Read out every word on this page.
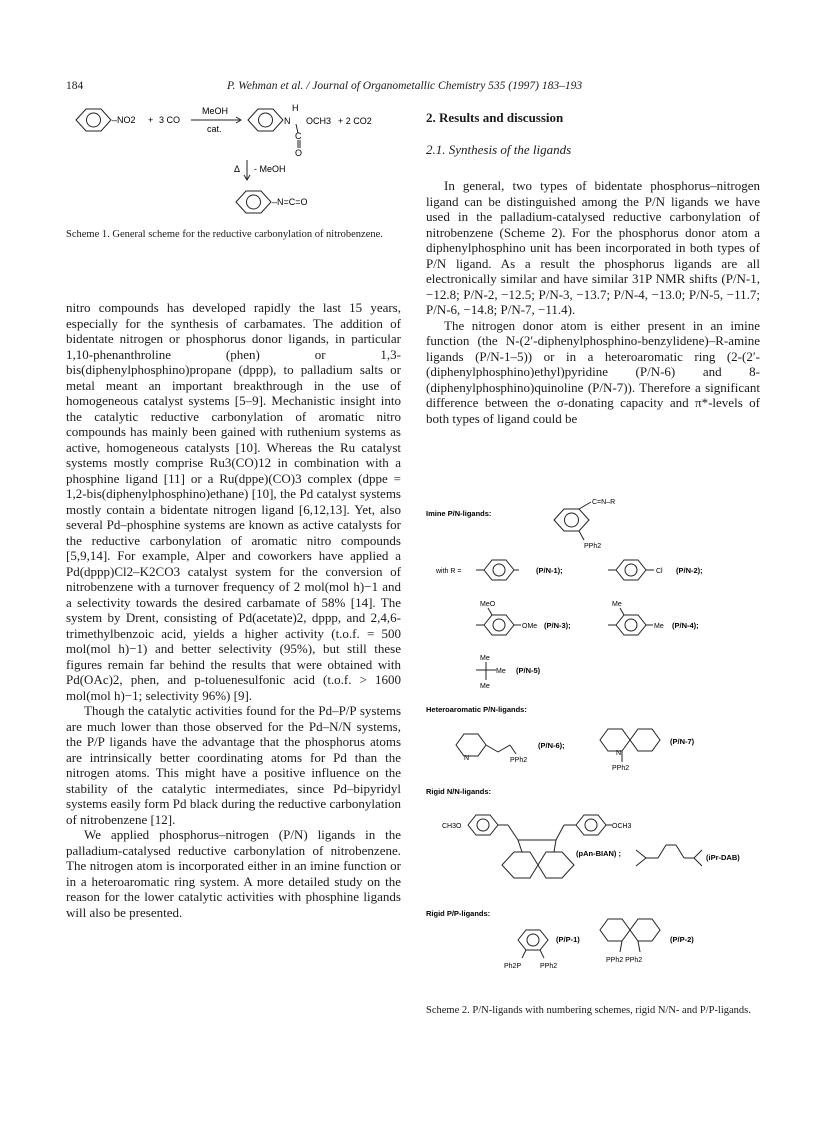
184	P. Wehman et al. / Journal of Organometallic Chemistry 535 (1997) 183–193
–NO2 + 3 CO
MeOH
cat.
H
N OCH3
C
O
+ 2 CO2
Δ - MeOH
–N=C=O
Scheme 1. General scheme for the reductive carbonylation of nitrobenzene.

nitro compounds has developed rapidly the last 15 years, especially for the synthesis of carbamates. The addition of bidentate nitrogen or phosphorus donor ligands, in particular 1,10-phenanthroline (phen) or 1,3-bis(diphenylphosphino)propane (dppp), to palladium salts or metal meant an important breakthrough in the use of homogeneous catalyst systems [5–9]. Mechanistic insight into the catalytic reductive carbonylation of aromatic nitro compounds has mainly been gained with ruthenium systems as active, homogeneous catalysts [10]. Whereas the Ru catalyst systems mostly comprise Ru3(CO)12 in combination with a phosphine ligand [11] or a Ru(dppe)(CO)3 complex (dppe = 1,2-bis(diphenylphosphino)ethane) [10], the Pd catalyst systems mostly contain a bidentate nitrogen ligand [6,12,13]. Yet, also several Pd–phosphine systems are known as active catalysts for the reductive carbonylation of aromatic nitro compounds [5,9,14]. For example, Alper and coworkers have applied a Pd(dppp)Cl2–K2CO3 catalyst system for the conversion of nitrobenzene with a turnover frequency of 2 mol(mol h)−1 and a selectivity towards the desired carbamate of 58% [14]. The system by Drent, consisting of Pd(acetate)2, dppp, and 2,4,6-trimethylbenzoic acid, yields a higher activity (t.o.f. = 500 mol(mol h)−1) and better selectivity (95%), but still these figures remain far behind the results that were obtained with Pd(OAc)2, phen, and p-toluenesulfonic acid (t.o.f. > 1600 mol(mol h)−1; selectivity 96%) [9].

Though the catalytic activities found for the Pd–P/P systems are much lower than those observed for the Pd–N/N systems, the P/P ligands have the advantage that the phosphorus atoms are intrinsically better coordinating atoms for Pd than the nitrogen atoms. This might have a positive influence on the stability of the catalytic intermediates, since Pd–bipyridyl systems easily form Pd black during the reductive carbonylation of nitrobenzene [12].

We applied phosphorus–nitrogen (P/N) ligands in the palladium-catalysed reductive carbonylation of nitrobenzene. The nitrogen atom is incorporated either in an imine function or in a heteroaromatic ring system. A more detailed study on the reason for the lower catalytic activities with phosphine ligands will also be presented.

2. Results and discussion
2.1. Synthesis of the ligands

In general, two types of bidentate phosphorus–nitrogen ligand can be distinguished among the P/N ligands we have used in the palladium-catalysed reductive carbonylation of nitrobenzene (Scheme 2). For the phosphorus donor atom a diphenylphosphino unit has been incorporated in both types of P/N ligand. As a result the phosphorus ligands are all electronically similar and have similar 31P NMR shifts (P/N-1, −12.8; P/N-2, −12.5; P/N-3, −13.7; P/N-4, −13.0; P/N-5, −11.7; P/N-6, −14.8; P/N-7, −11.4).

The nitrogen donor atom is either present in an imine function (the N-(2′-diphenylphosphino-benzylidene)–R-amine ligands (P/N-1–5)) or in a heteroaromatic ring (2-(2′-(diphenylphosphino)ethyl)pyridine (P/N-6) and 8-(diphenylphosphino)quinoline (P/N-7)). Therefore a significant difference between the σ-donating capacity and π*-levels of both types of ligand could be

Imine P/N-ligands:
C=N–R
PPh2
with R =	(P/N-1);	Cl (P/N-2);
MeO
OMe (P/N-3);
Me
Me (P/N-4);
Me
Me
Me
(P/N-5)
Heteroaromatic P/N-ligands:
N	PPh2
(P/N-6);
N
PPh2
(P/N-7)
Rigid N/N-ligands:
CH3O	OCH3
(pAn-BIAN) ;	(iPr-DAB)
Rigid P/P-ligands:
Ph2P	PPh2
(P/P-1)
PPh2 PPh2
(P/P-2)
Scheme 2. P/N-ligands with numbering schemes, rigid N/N- and P/P-ligands.
